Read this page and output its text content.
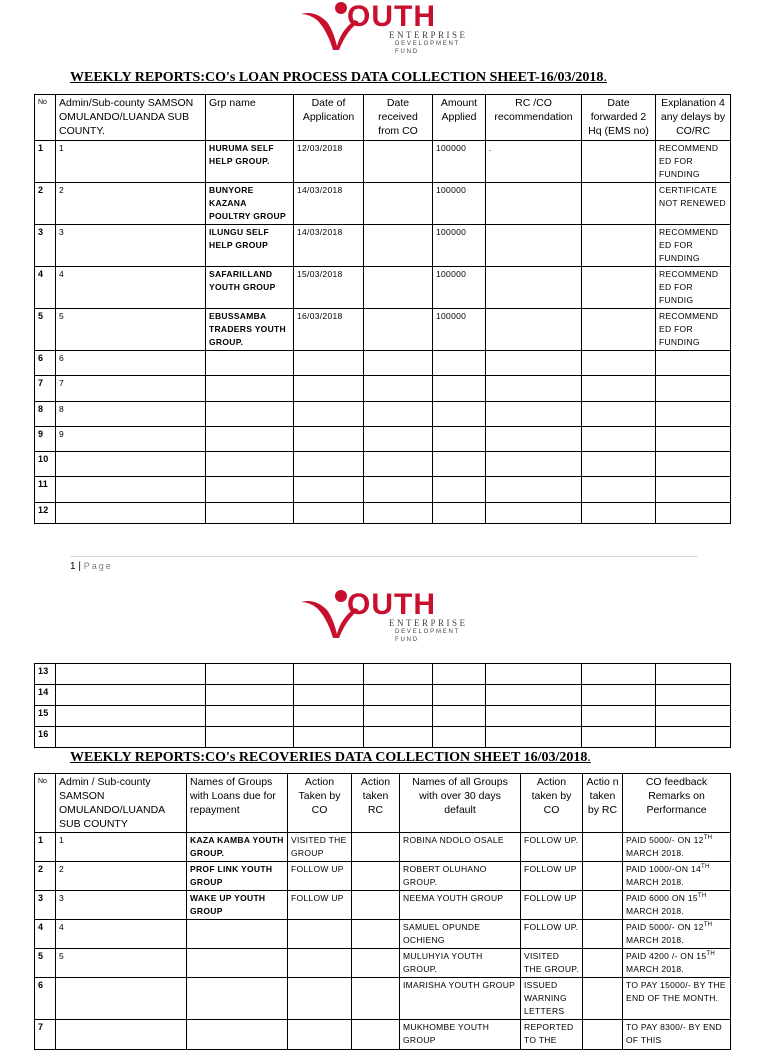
OUTH
ENTERPRISE
DEVELOPMENT FUND
WEEKLY REPORTS:CO's LOAN PROCESS DATA COLLECTION SHEET-16/03/2018.
No	Admin/Sub-county SAMSON OMULANDO/LUANDA SUB COUNTY.	Grp name	Date of Application	Date received from CO	Amount Applied	RC /CO recommendation	Date forwarded 2 Hq (EMS no)	Explanation 4 any delays by CO/RC
1	1	HURUMA SELF HELP GROUP.	12/03/2018		100000	.		RECOMMEND ED FOR FUNDING
2	2	BUNYORE KAZANA POULTRY GROUP	14/03/2018		100000			CERTIFICATE NOT RENEWED
3	3	ILUNGU SELF HELP GROUP	14/03/2018		100000			RECOMMEND ED FOR FUNDING
4	4	SAFARILLAND YOUTH GROUP	15/03/2018		100000			RECOMMEND ED FOR FUNDIG
5	5	EBUSSAMBA TRADERS YOUTH GROUP.	16/03/2018		100000			RECOMMEND ED FOR FUNDING
6	6							
7	7							
8	8							
9	9							
10								
11								
12								
1 | Page
OUTH
ENTERPRISE
DEVELOPMENT FUND
13								
14								
15								
16								
WEEKLY REPORTS:CO's RECOVERIES DATA COLLECTION SHEET 16/03/2018.
No	Admin / Sub-county SAMSON OMULANDO/LUANDA SUB COUNTY	Names of Groups with Loans due for repayment	Action Taken by CO	Action taken RC	Names of all Groups with over 30 days default	Action taken by CO	Actio n taken by RC	CO feedback Remarks on Performance
1	1	KAZA KAMBA YOUTH GROUP.	VISITED THE GROUP		ROBINA NDOLO OSALE	FOLLOW UP.		PAID 5000/- ON 12TH MARCH 2018.
2	2	PROF LINK YOUTH GROUP	FOLLOW UP		ROBERT OLUHANO GROUP.	FOLLOW UP		PAID 1000/-ON 14TH MARCH 2018.
3	3	WAKE UP YOUTH GROUP	FOLLOW UP		NEEMA YOUTH GROUP	FOLLOW UP		PAID 6000 ON 15TH MARCH 2018.
4	4				SAMUEL OPUNDE OCHIENG	FOLLOW UP.		PAID 5000/- ON 12TH MARCH 2018.
5	5				MULUHYIA YOUTH GROUP.	VISITED THE GROUP.		PAID 4200 /- ON 15TH MARCH 2018.
6					IMARISHA YOUTH GROUP	ISSUED WARNING LETTERS		TO PAY 15000/- BY THE END OF THE MONTH.
7					MUKHOMBE YOUTH GROUP	REPORTED TO THE		TO PAY 8300/- BY END OF THIS
